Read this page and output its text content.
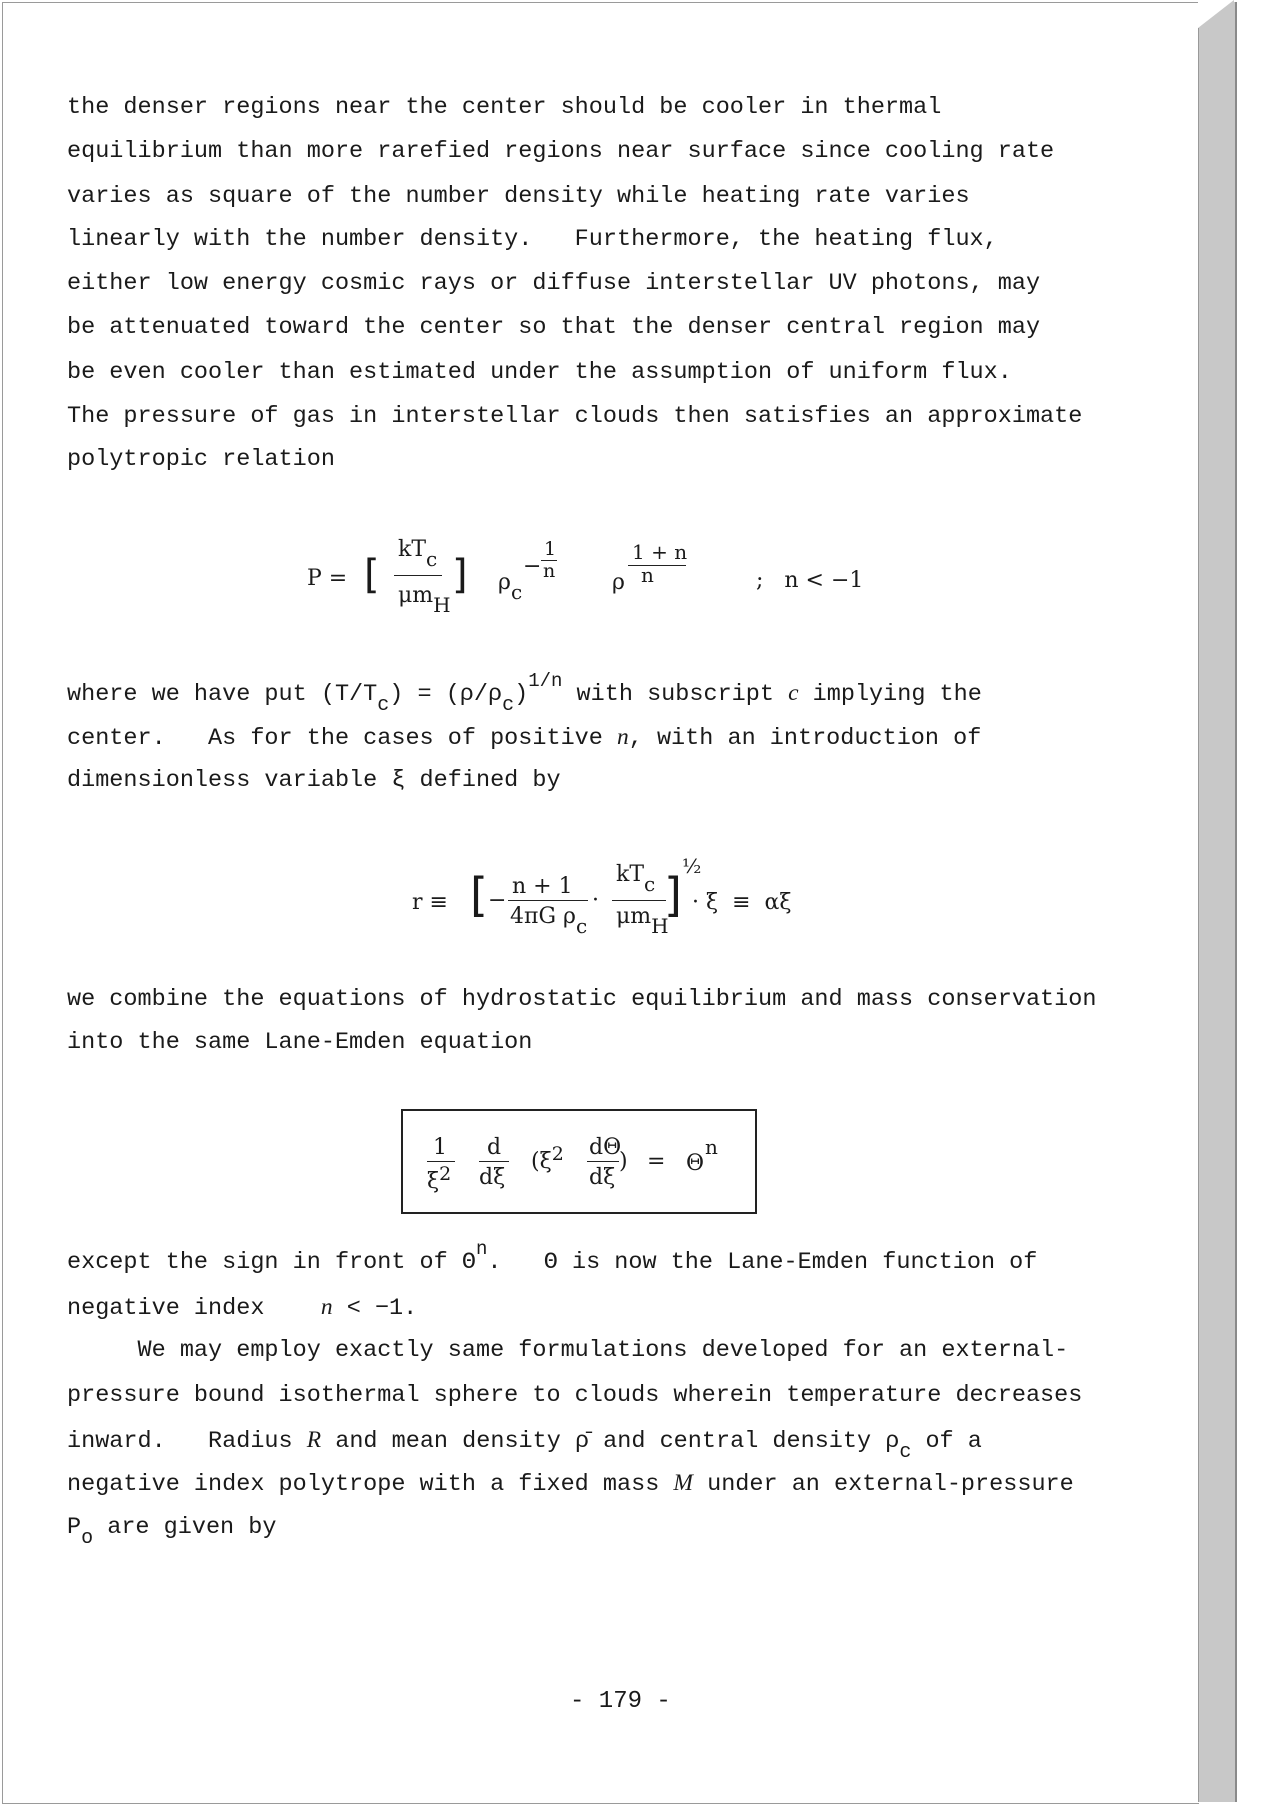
the denser regions near the center should be cooler in thermal
equilibrium than more rarefied regions near surface since cooling rate
varies as square of the number density while heating rate varies
linearly with the number density.   Furthermore, the heating flux,
either low energy cosmic rays or diffuse interstellar UV photons, may
be attenuated toward the center so that the denser central region may
be even cooler than estimated under the assumption of uniform flux.
The pressure of gas in interstellar clouds then satisfies an approximate
polytropic relation
P = [
kTc
μmH
] ρc
−
1
n	ρ
1 + n
n	;   n < −1
where we have put $(T/Tc) = (\rho/\rho c)^{1/n}$ with subscript c implying the
center.   As for the cases of positive n, with an introduction of
dimensionless variable ξ defined by
r ≡ [ −
n + 1
4πG ρc
·
kTc
μmH
]
½
· ξ  ≡  αξ
we combine the equations of hydrostatic equilibrium and mass conservation
into the same Lane-Emden equation
1
ξ2
d
dξ
(ξ2 dΘ
dξ
) = Θ
n
except the sign in front of $\Theta^n$.   Θ is now the Lane-Emden function of
negative index    n < −1.
We may employ exactly same formulations developed for an external-
pressure bound isothermal sphere to clouds wherein temperature decreases
inward.   Radius R and mean density ρ̄ and central density ρc of a
negative index polytrope with a fixed mass M under an external-pressure
Po are given by
- 179 -
